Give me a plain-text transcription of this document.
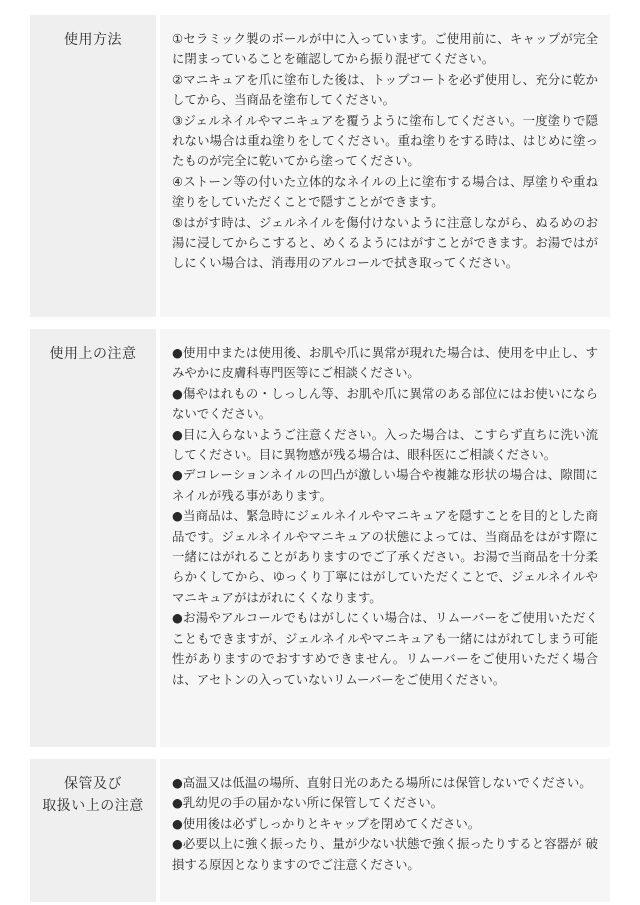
使用方法	①セラミック製のボールが中に入っています。ご使用前に、キャップが完全に閉まっていることを確認してから振り混ぜてください。

②マニキュアを爪に塗布した後は、トップコートを必ず使用し、充分に乾かしてから、当商品を塗布してください。

③ジェルネイルやマニキュアを覆うように塗布してください。一度塗りで隠れない場合は重ね塗りをしてください。重ね塗りをする時は、はじめに塗ったものが完全に乾いてから塗ってください。

④ストーン等の付いた立体的なネイルの上に塗布する場合は、厚塗りや重ね塗りをしていただくことで隠すことができます。

⑤はがす時は、ジェルネイルを傷付けないように注意しながら、ぬるめのお湯に浸してからこすると、めくるようにはがすことができます。お湯ではがしにくい場合は、消毒用のアルコールで拭き取ってください。

使用上の注意	●使用中または使用後、お肌や爪に異常が現れた場合は、使用を中止し、すみやかに皮膚科専門医等にご相談ください。

●傷やはれもの・しっしん等、お肌や爪に異常のある部位にはお使いにならないでください。

●目に入らないようご注意ください。入った場合は、こすらず直ちに洗い流してください。目に異物感が残る場合は、眼科医にご相談ください。

●デコレーションネイルの凹凸が激しい場合や複雑な形状の場合は、隙間にネイルが残る事があります。

●当商品は、緊急時にジェルネイルやマニキュアを隠すことを目的とした商品です。ジェルネイルやマニキュアの状態によっては、当商品をはがす際に一緒にはがれることがありますのでご了承ください。お湯で当商品を十分柔らかくしてから、ゆっくり丁寧にはがしていただくことで、ジェルネイルやマニキュアがはがれにくくなります。

●お湯やアルコールでもはがしにくい場合は、リムーバーをご使用いただくこともできますが、ジェルネイルやマニキュアも一緒にはがれてしまう可能性がありますのでおすすめできません。リムーバーをご使用いただく場合は、アセトンの入っていないリムーバーをご使用ください。

保管及び
取扱い上の注意

●高温又は低温の場所、直射日光のあたる場所には保管しないでください。

●乳幼児の手の届かない所に保管してください。

●使用後は必ずしっかりとキャップを閉めてください。

●必要以上に強く振ったり、量が少ない状態で強く振ったりすると容器が 破損する原因となりますのでご注意ください。
